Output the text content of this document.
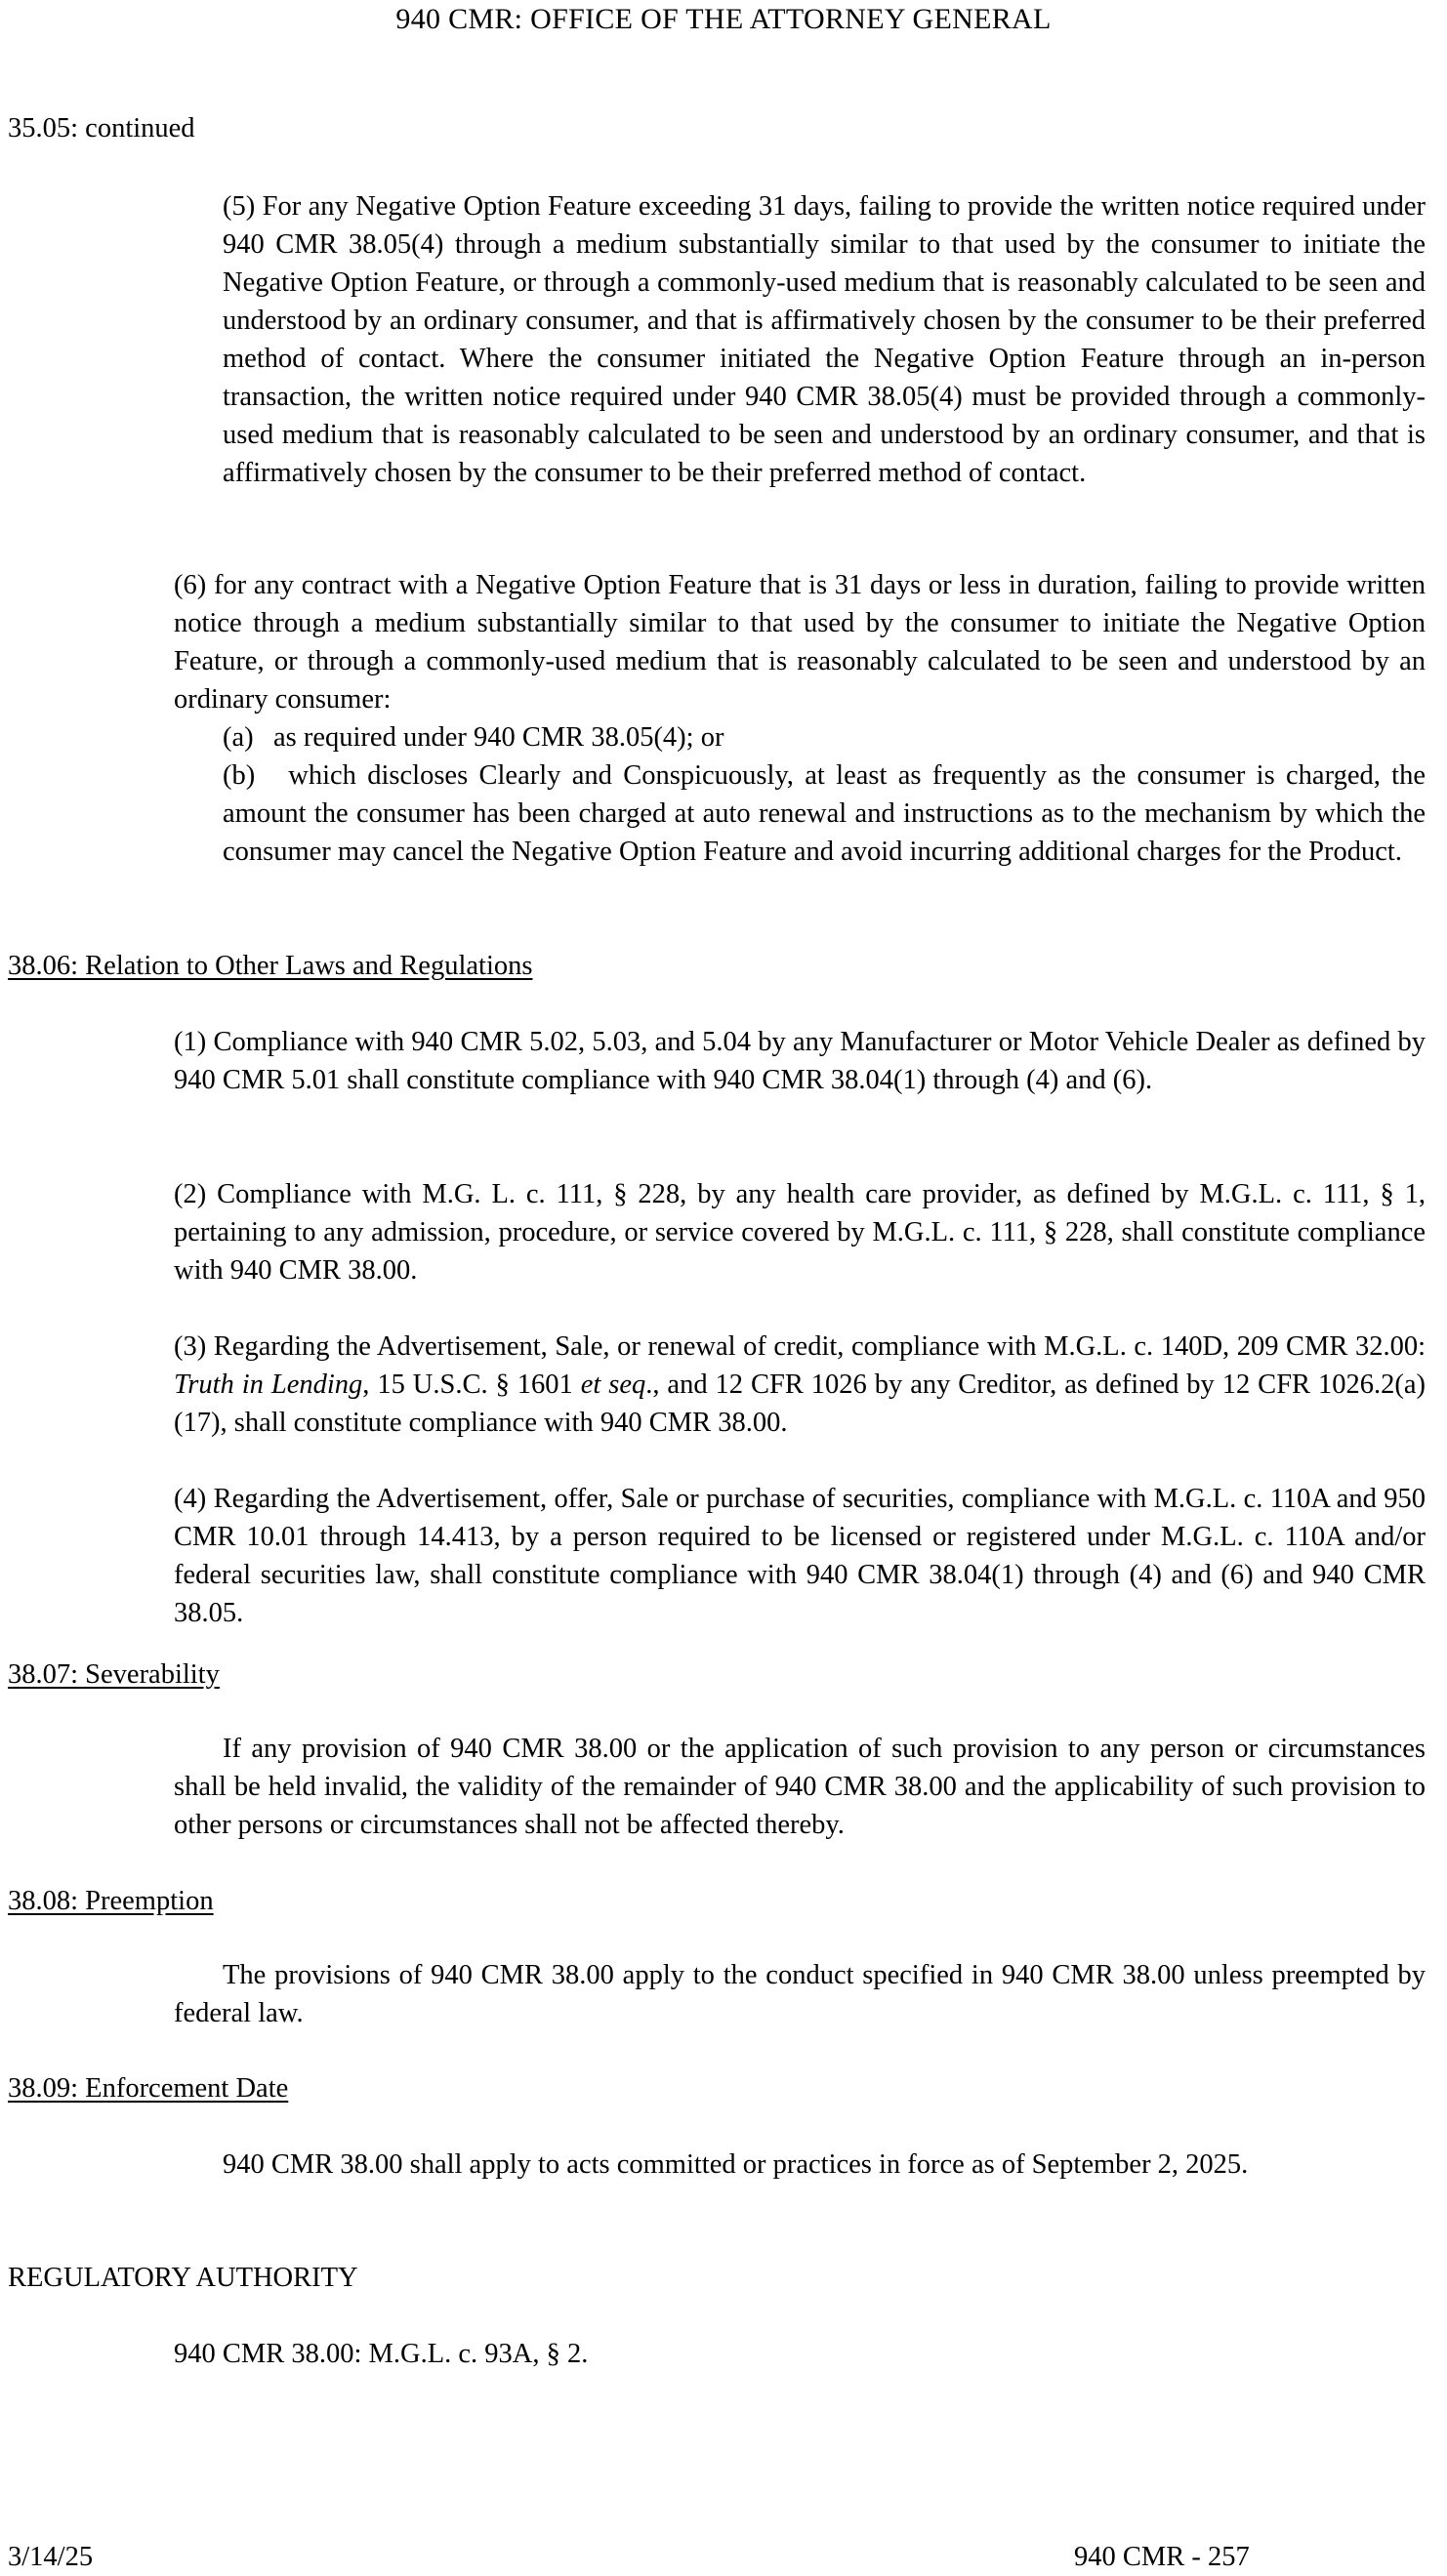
940 CMR: OFFICE OF THE ATTORNEY GENERAL
35.05: continued
(5) For any Negative Option Feature exceeding 31 days, failing to provide the written notice required under 940 CMR 38.05(4) through a medium substantially similar to that used by the consumer to initiate the Negative Option Feature, or through a commonly-used medium that is reasonably calculated to be seen and understood by an ordinary consumer, and that is affirmatively chosen by the consumer to be their preferred method of contact. Where the consumer initiated the Negative Option Feature through an in-person transaction, the written notice required under 940 CMR 38.05(4) must be provided through a commonly-used medium that is reasonably calculated to be seen and understood by an ordinary consumer, and that is affirmatively chosen by the consumer to be their preferred method of contact.
(6) for any contract with a Negative Option Feature that is 31 days or less in duration, failing to provide written notice through a medium substantially similar to that used by the consumer to initiate the Negative Option Feature, or through a commonly-used medium that is reasonably calculated to be seen and understood by an ordinary consumer:
(a) as required under 940 CMR 38.05(4); or
(b) which discloses Clearly and Conspicuously, at least as frequently as the consumer is charged, the amount the consumer has been charged at auto renewal and instructions as to the mechanism by which the consumer may cancel the Negative Option Feature and avoid incurring additional charges for the Product.
38.06: Relation to Other Laws and Regulations
(1) Compliance with 940 CMR 5.02, 5.03, and 5.04 by any Manufacturer or Motor Vehicle Dealer as defined by 940 CMR 5.01 shall constitute compliance with 940 CMR 38.04(1) through (4) and (6).
(2) Compliance with M.G. L. c. 111, § 228, by any health care provider, as defined by M.G.L. c. 111, § 1, pertaining to any admission, procedure, or service covered by M.G.L. c. 111, § 228, shall constitute compliance with 940 CMR 38.00.
(3) Regarding the Advertisement, Sale, or renewal of credit, compliance with M.G.L. c. 140D, 209 CMR 32.00: Truth in Lending, 15 U.S.C. § 1601 et seq., and 12 CFR 1026 by any Creditor, as defined by 12 CFR 1026.2(a)(17), shall constitute compliance with 940 CMR 38.00.
(4) Regarding the Advertisement, offer, Sale or purchase of securities, compliance with M.G.L. c. 110A and 950 CMR 10.01 through 14.413, by a person required to be licensed or registered under M.G.L. c. 110A and/or federal securities law, shall constitute compliance with 940 CMR 38.04(1) through (4) and (6) and 940 CMR 38.05.
38.07: Severability
If any provision of 940 CMR 38.00 or the application of such provision to any person or circumstances shall be held invalid, the validity of the remainder of 940 CMR 38.00 and the applicability of such provision to other persons or circumstances shall not be affected thereby.
38.08: Preemption
The provisions of 940 CMR 38.00 apply to the conduct specified in 940 CMR 38.00 unless preempted by federal law.
38.09: Enforcement Date
940 CMR 38.00 shall apply to acts committed or practices in force as of September 2, 2025.
REGULATORY AUTHORITY
940 CMR 38.00: M.G.L. c. 93A, § 2.
3/14/25	940 CMR - 257
